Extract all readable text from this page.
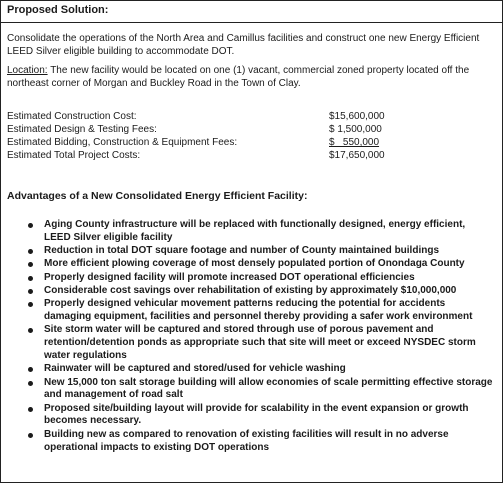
Proposed Solution:
Consolidate the operations of the North Area and Camillus facilities and construct one new Energy Efficient LEED Silver eligible building to accommodate DOT.
Location: The new facility would be located on one (1) vacant, commercial zoned property located off the northeast corner of Morgan and Buckley Road in the Town of Clay.
Estimated Construction Cost:	$15,600,000
Estimated Design & Testing Fees:	$ 1,500,000
Estimated Bidding, Construction & Equipment Fees:	$   550,000
Estimated Total Project Costs:	$17,650,000
Advantages of a New Consolidated Energy Efficient Facility:
Aging County infrastructure will be replaced with functionally designed, energy efficient, LEED Silver eligible facility
Reduction in total DOT square footage and number of County maintained buildings
More efficient plowing coverage of most densely populated portion of Onondaga County
Properly designed facility will promote increased DOT operational efficiencies
Considerable cost savings over rehabilitation of existing by approximately $10,000,000
Properly designed vehicular movement patterns reducing the potential for accidents damaging equipment, facilities and personnel thereby providing a safer work environment
Site storm water will be captured and stored through use of porous pavement and retention/detention ponds as appropriate such that site will meet or exceed NYSDEC storm water regulations
Rainwater will be captured and stored/used for vehicle washing
New 15,000 ton salt storage building will allow economies of scale permitting effective storage and management of road salt
Proposed site/building layout will provide for scalability in the event expansion or growth becomes necessary.
Building new as compared to renovation of existing facilities will result in no adverse operational impacts to existing DOT operations
